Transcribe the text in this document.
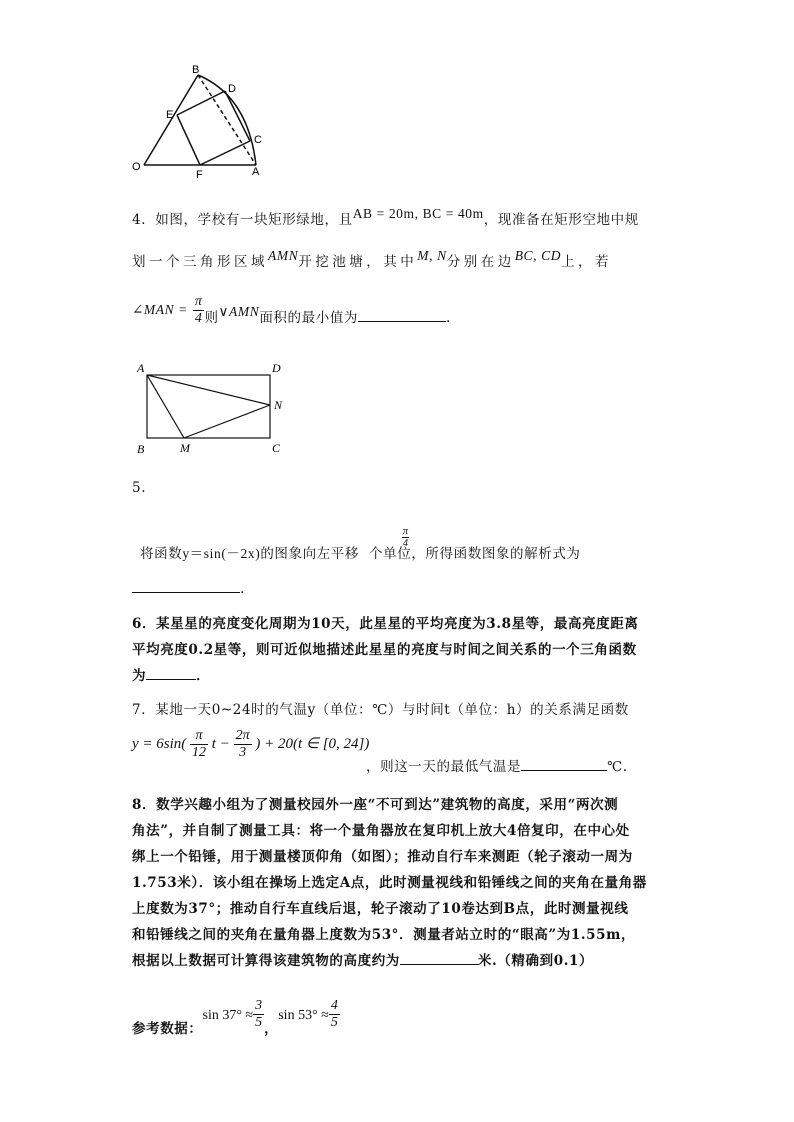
B
D
E
C
O
F	A
4．如图，学校有一块矩形绿地，且AB = 20m, BC = 40m，现准备在矩形空地中规
划一个三角形区域AMN开挖池塘，其中M, N分别在边BC, CD上，若
∠MAN = $\frac{\pi}{4}$ 则∨AMN面积的最小值为	.
A	D
N
B	M	C
5.
$\frac{\pi}{4}$
将函数y＝sin(－2x)的图象向左平移 个单位，所得函数图象的解析式为
.
6．某星星的亮度变化周期为10天，此星星的平均亮度为3.8星等，最高亮度距离
平均亮度0.2星等，则可近似地描述此星星的亮度与时间之间关系的一个三角函数
为	．
7．某地一天0~24时的气温y（单位：℃）与时间t（单位：h）的关系满足函数
$y = 6\sin( \frac{\pi}{12}$ $t - \frac{2\pi}{3}$ ) + 20(t ∈ [0, 24])
，则这一天的最低气温是	℃.
8．数学兴趣小组为了测量校园外一座“不可到达”建筑物的高度，采用“两次测
角法”，并自制了测量工具：将一个量角器放在复印机上放大4倍复印，在中心处
绑上一个铅锤，用于测量楼顶仰角（如图）；推动自行车来测距（轮子滚动一周为
1.753米）．该小组在操场上选定A点，此时测量视线和铅锤线之间的夹角在量角器
上度数为37°；推动自行车直线后退，轮子滚动了10卷达到B点，此时测量视线
和铅锤线之间的夹角在量角器上度数为53°．测量者站立时的“眼高”为1.55m，
根据以上数据可计算得该建筑物的高度约为	米.（精确到0.1）
$_{参考数据:}$sin $37^\circ \approx \frac{3}{5} _,\sin$ $53^\circ \approx \frac{4}{5}$
